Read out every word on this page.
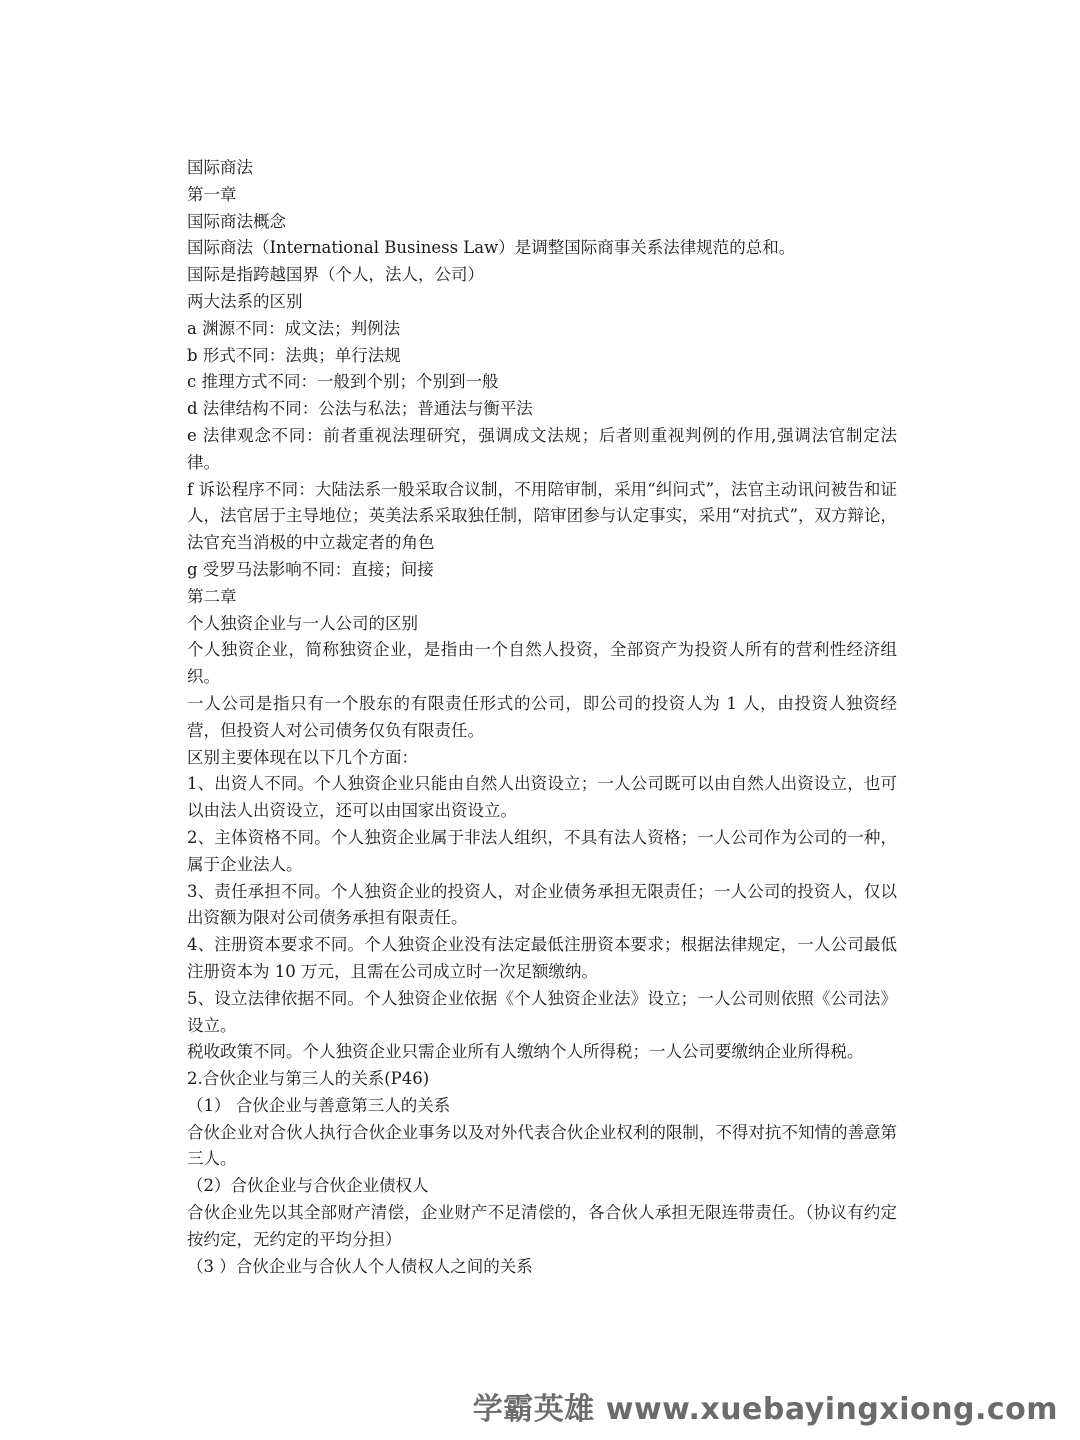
国际商法
第一章
国际商法概念
国际商法（International Business Law）是调整国际商事关系法律规范的总和。
国际是指跨越国界（个人，法人，公司）
两大法系的区别
a 渊源不同：成文法；判例法
b 形式不同：法典；单行法规
c 推理方式不同：一般到个别；个别到一般
d 法律结构不同：公法与私法；普通法与衡平法
e 法律观念不同：前者重视法理研究，强调成文法规；后者则重视判例的作用,强调法官制定法律。
f 诉讼程序不同：大陆法系一般采取合议制，不用陪审制，采用“纠问式”，法官主动讯问被告和证人，法官居于主导地位；英美法系采取独任制，陪审团参与认定事实，采用“对抗式”，双方辩论，法官充当消极的中立裁定者的角色
g 受罗马法影响不同：直接；间接
第二章
个人独资企业与一人公司的区别
个人独资企业，简称独资企业，是指由一个自然人投资，全部资产为投资人所有的营利性经济组织。
一人公司是指只有一个股东的有限责任形式的公司，即公司的投资人为 1 人，由投资人独资经营，但投资人对公司债务仅负有限责任。
区别主要体现在以下几个方面：
1、出资人不同。个人独资企业只能由自然人出资设立；一人公司既可以由自然人出资设立，也可以由法人出资设立，还可以由国家出资设立。
2、主体资格不同。个人独资企业属于非法人组织，不具有法人资格；一人公司作为公司的一种，属于企业法人。
3、责任承担不同。个人独资企业的投资人，对企业债务承担无限责任；一人公司的投资人，仅以出资额为限对公司债务承担有限责任。
4、注册资本要求不同。个人独资企业没有法定最低注册资本要求；根据法律规定，一人公司最低注册资本为 10 万元，且需在公司成立时一次足额缴纳。
5、设立法律依据不同。个人独资企业依据《个人独资企业法》设立；一人公司则依照《公司法》设立。
税收政策不同。个人独资企业只需企业所有人缴纳个人所得税；一人公司要缴纳企业所得税。
2.合伙企业与第三人的关系(P46)
（1） 合伙企业与善意第三人的关系
合伙企业对合伙人执行合伙企业事务以及对外代表合伙企业权利的限制，不得对抗不知情的善意第三人。
（2）合伙企业与合伙企业债权人
合伙企业先以其全部财产清偿，企业财产不足清偿的，各合伙人承担无限连带责任。（协议有约定按约定，无约定的平均分担）
（3 ）合伙企业与合伙人个人债权人之间的关系
学霸英雄 www.xuebayingxiong.com
